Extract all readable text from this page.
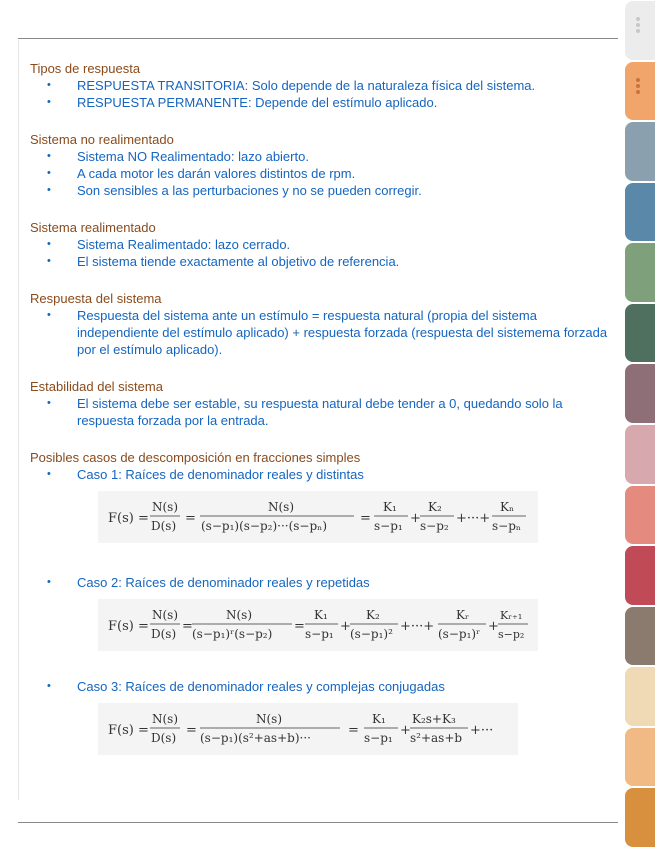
Tipos de respuesta

• RESPUESTA TRANSITORIA: Solo depende de la naturaleza física del sistema.
• RESPUESTA PERMANENTE: Depende del estímulo aplicado.

Sistema no realimentado

• Sistema NO Realimentado: lazo abierto.
• A cada motor les darán valores distintos de rpm.
• Son sensibles a las perturbaciones y no se pueden corregir.

Sistema realimentado

• Sistema Realimentado: lazo cerrado.
• El sistema tiende exactamente al objetivo de referencia.

Respuesta del sistema

• Respuesta del sistema ante un estímulo = respuesta natural (propia del sistema independiente del estímulo aplicado) + respuesta forzada (respuesta del sistemema forzada por el estímulo aplicado).

Estabilidad del sistema

• El sistema debe ser estable, su respuesta natural debe tender a 0, quedando solo la respuesta forzada por la entrada.

Posibles casos de descomposición en fracciones simples

• Caso 1: Raíces de denominador reales y distintas
F(s) =
N(s)
D(s) =
N(s)
(s−p₁)(s−p₂)···(s−pₙ)	=
K₁
s−p₁ +
K₂
s−p₂ +···+
Kₙ
s−pₙ
• Caso 2: Raíces de denominador reales y repetidas
F(s) =
N(s)
D(s) =
N(s)
(s−p₁)ʳ(s−p₂) =
K₁
s−p₁ +
K₂
(s−p₁)² +···+
Kᵣ
(s−p₁)ʳ +
Kᵣ₊₁
s−p₂
• Caso 3: Raíces de denominador reales y complejas conjugadas
F(s) =
N(s)
D(s) =
N(s)
(s−p₁)(s²+as+b)···	=
K₁
s−p₁ +
K₂s+K₃
s²+as+b +···
